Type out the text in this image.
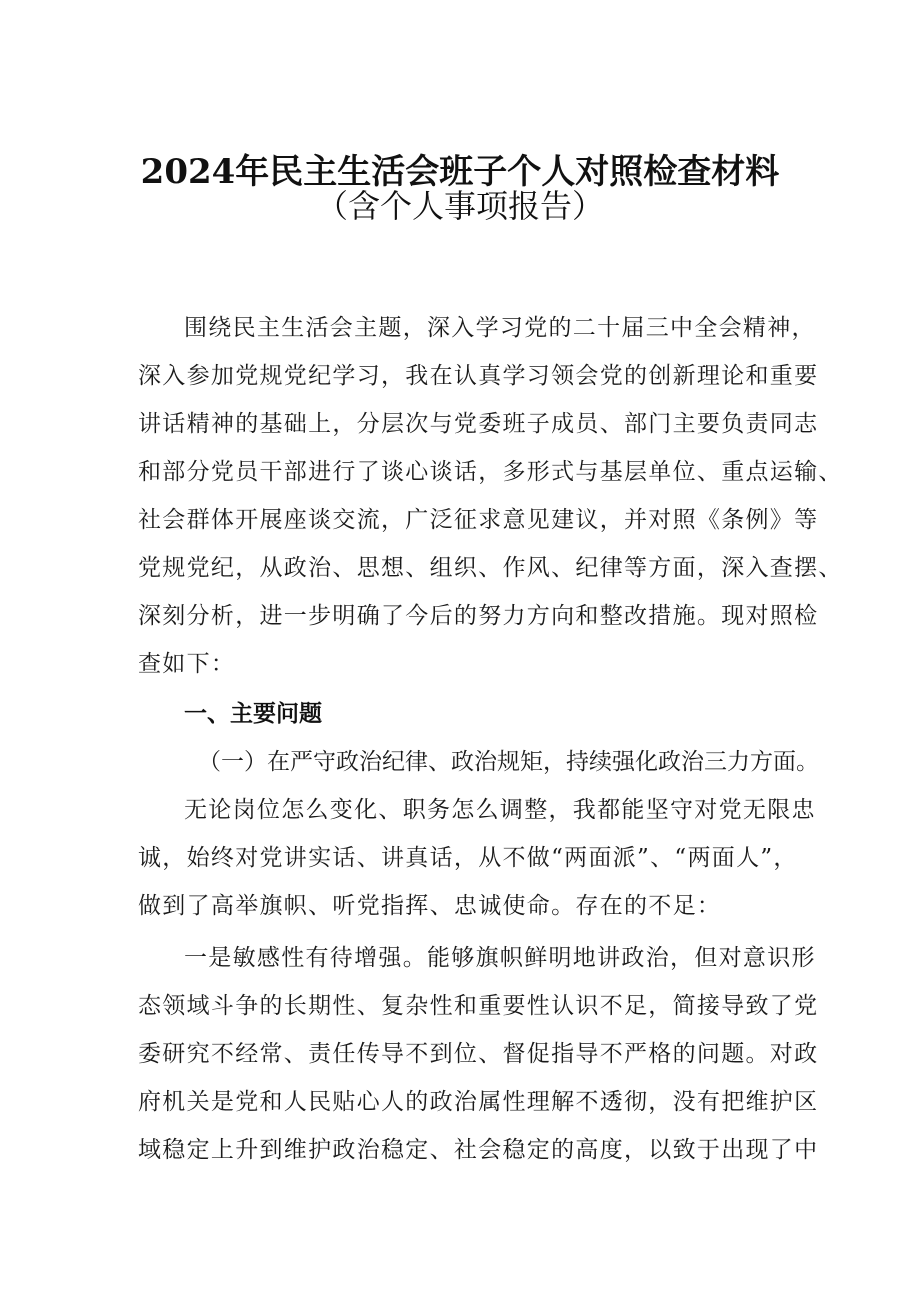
2024年民主生活会班子个人对照检查材料
（含个人事项报告）
围绕民主生活会主题，深入学习党的二十届三中全会精神，
深入参加党规党纪学习，我在认真学习领会党的创新理论和重要
讲话精神的基础上，分层次与党委班子成员、部门主要负责同志
和部分党员干部进行了谈心谈话，多形式与基层单位、重点运输、
社会群体开展座谈交流，广泛征求意见建议，并对照《条例》等
党规党纪，从政治、思想、组织、作风、纪律等方面，深入查摆、
深刻分析，进一步明确了今后的努力方向和整改措施。现对照检
查如下：
一、主要问题
（一）在严守政治纪律、政治规矩，持续强化政治三力方面。
无论岗位怎么变化、职务怎么调整，我都能坚守对党无限忠
诚，始终对党讲实话、讲真话，从不做“两面派”、“两面人”，
做到了高举旗帜、听党指挥、忠诚使命。存在的不足：
一是敏感性有待增强。能够旗帜鲜明地讲政治，但对意识形
态领域斗争的长期性、复杂性和重要性认识不足，简接导致了党
委研究不经常、责任传导不到位、督促指导不严格的问题。对政
府机关是党和人民贴心人的政治属性理解不透彻，没有把维护区
域稳定上升到维护政治稳定、社会稳定的高度，以致于出现了中
